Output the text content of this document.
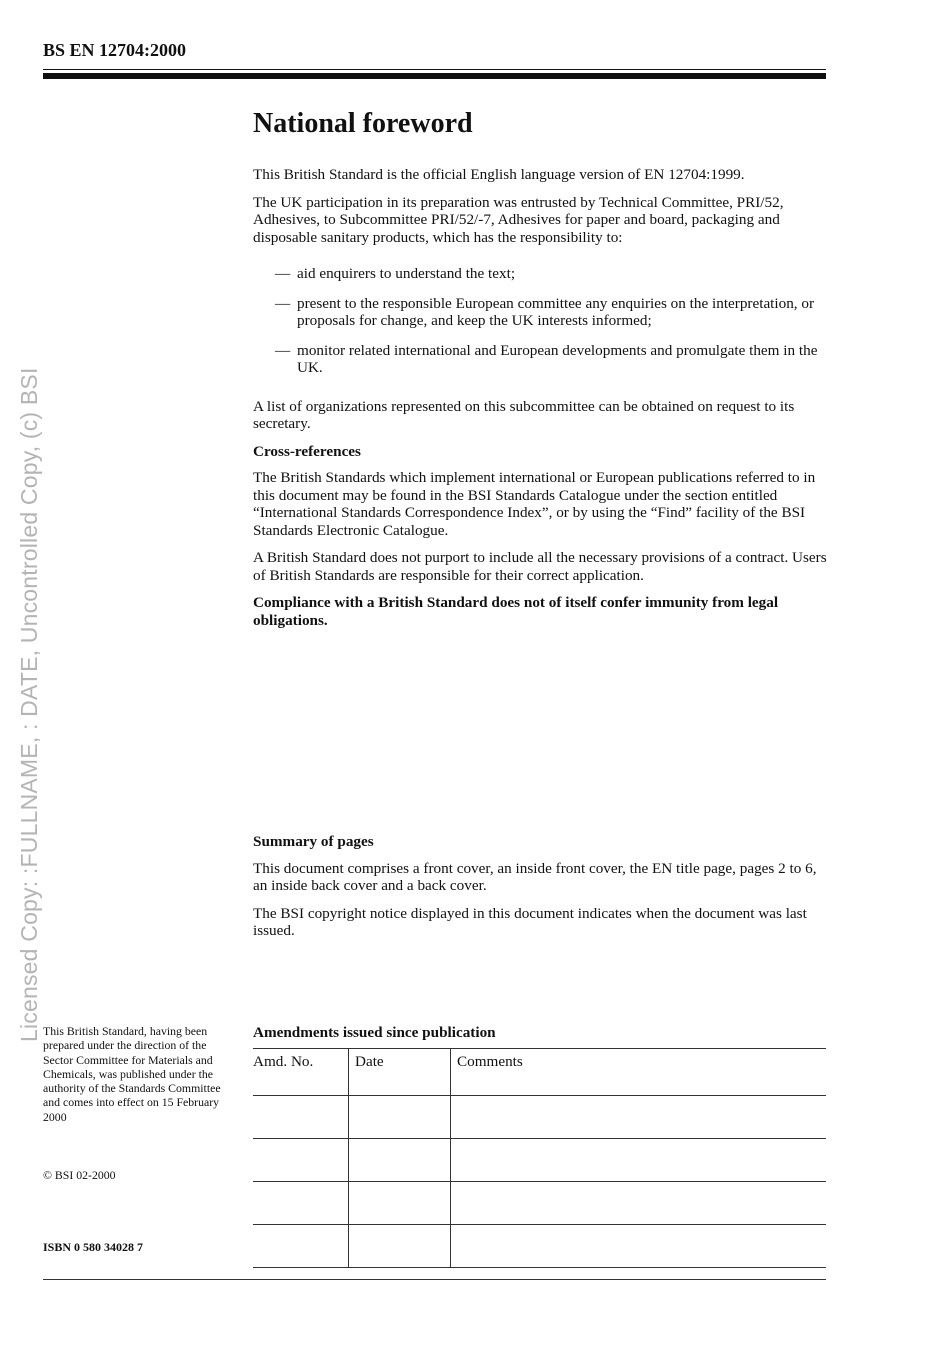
BS EN 12704:2000
Licensed Copy: :FULLNAME, : DATE, Uncontrolled Copy, (c) BSI
National foreword

This British Standard is the official English language version of EN 12704:1999.

The UK participation in its preparation was entrusted by Technical Committee, PRI/52, Adhesives, to Subcommittee PRI/52/-7, Adhesives for paper and board, packaging and disposable sanitary products, which has the responsibility to:

— aid enquirers to understand the text;
— present to the responsible European committee any enquiries on the interpretation, or proposals for change, and keep the UK interests informed;
— monitor related international and European developments and promulgate them in the UK.

A list of organizations represented on this subcommittee can be obtained on request to its secretary.

Cross-references

The British Standards which implement international or European publications referred to in this document may be found in the BSI Standards Catalogue under the section entitled “International Standards Correspondence Index”, or by using the “Find” facility of the BSI Standards Electronic Catalogue.

A British Standard does not purport to include all the necessary provisions of a contract. Users of British Standards are responsible for their correct application.

Compliance with a British Standard does not of itself confer immunity from legal obligations.

Summary of pages

This document comprises a front cover, an inside front cover, the EN title page, pages 2 to 6, an inside back cover and a back cover.

The BSI copyright notice displayed in this document indicates when the document was last issued.

This British Standard, having been prepared under the direction of the Sector Committee for Materials and Chemicals, was published under the authority of the Standards Committee and comes into effect on 15 February 2000
© BSI 02-2000
ISBN 0 580 34028 7
Amendments issued since publication
Amd. No.	Date	Comments
